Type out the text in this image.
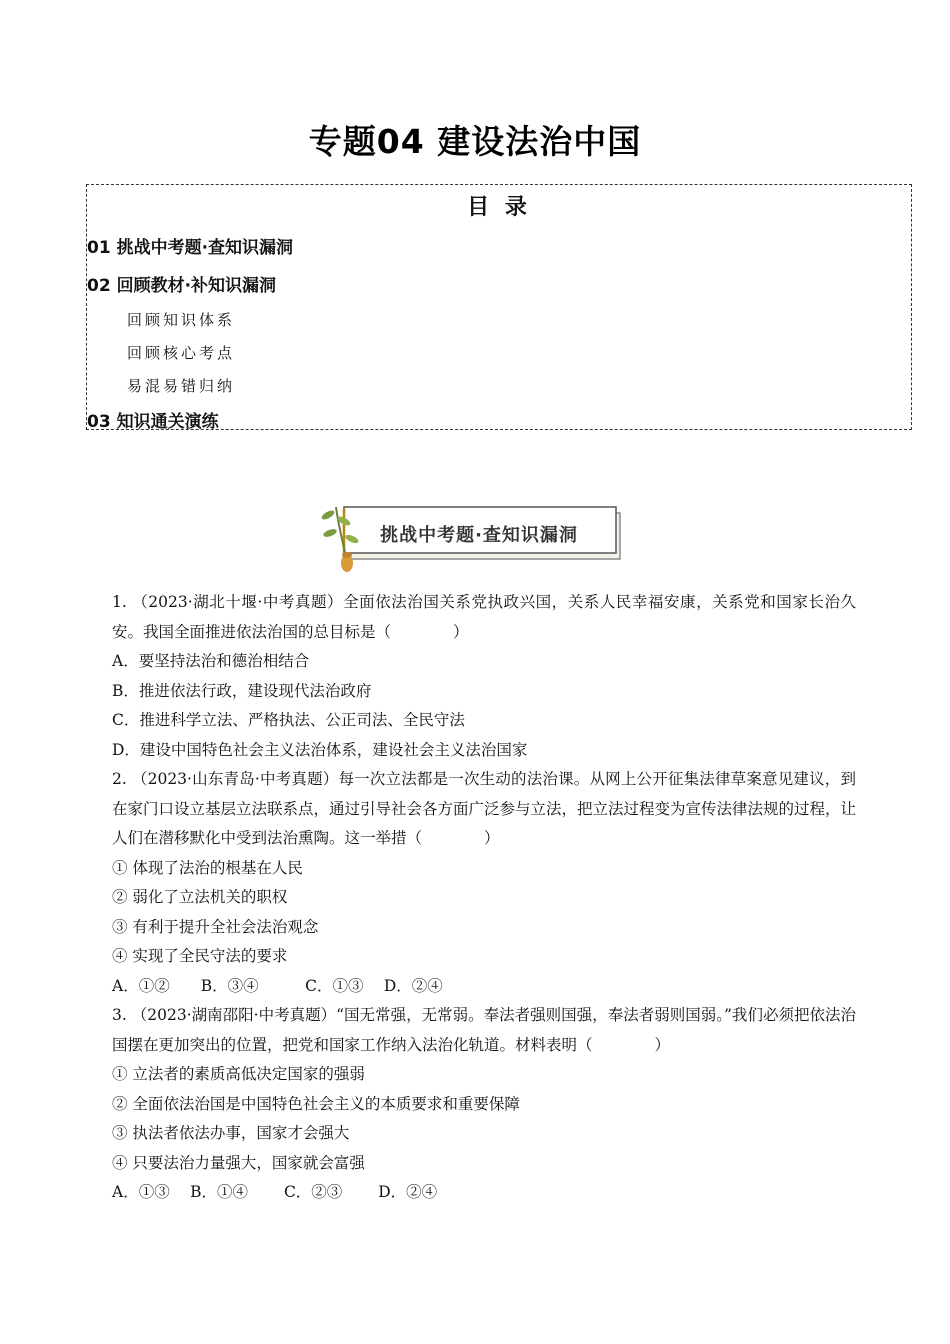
专题04 建设法治中国
目 录
01 挑战中考题·查知识漏洞
02 回顾教材·补知识漏洞
回顾知识体系
回顾核心考点
易混易错归纳
03 知识通关演练
挑战中考题·查知识漏洞

1. （2023·湖北十堰·中考真题）全面依法治国关系党执政兴国，关系人民幸福安康，关系党和国家长治久安。我国全面推进依法治国的总目标是（　　　　）

A．要坚持法治和德治相结合

B．推进依法行政，建设现代法治政府

C．推进科学立法、严格执法、公正司法、全民守法

D．建设中国特色社会主义法治体系，建设社会主义法治国家

2. （2023·山东青岛·中考真题）每一次立法都是一次生动的法治课。从网上公开征集法律草案意见建议，到在家门口设立基层立法联系点，通过引导社会各方面广泛参与立法，把立法过程变为宣传法律法规的过程，让人们在潜移默化中受到法治熏陶。这一举措（　　　　）

① 体现了法治的根基在人民

② 弱化了立法机关的职权

③ 有利于提升全社会法治观念

④ 实现了全民守法的要求

A．①②　　B．③④　　　C．①③　 D．②④

3. （2023·湖南邵阳·中考真题）“国无常强，无常弱。奉法者强则国强，奉法者弱则国弱。”我们必须把依法治国摆在更加突出的位置，把党和国家工作纳入法治化轨道。材料表明（　　　　）

① 立法者的素质高低决定国家的强弱

② 全面依法治国是中国特色社会主义的本质要求和重要保障

③ 执法者依法办事，国家才会强大

④ 只要法治力量强大，国家就会富强

A．①③　 B．①④　　 C．②③　　 D．②④
